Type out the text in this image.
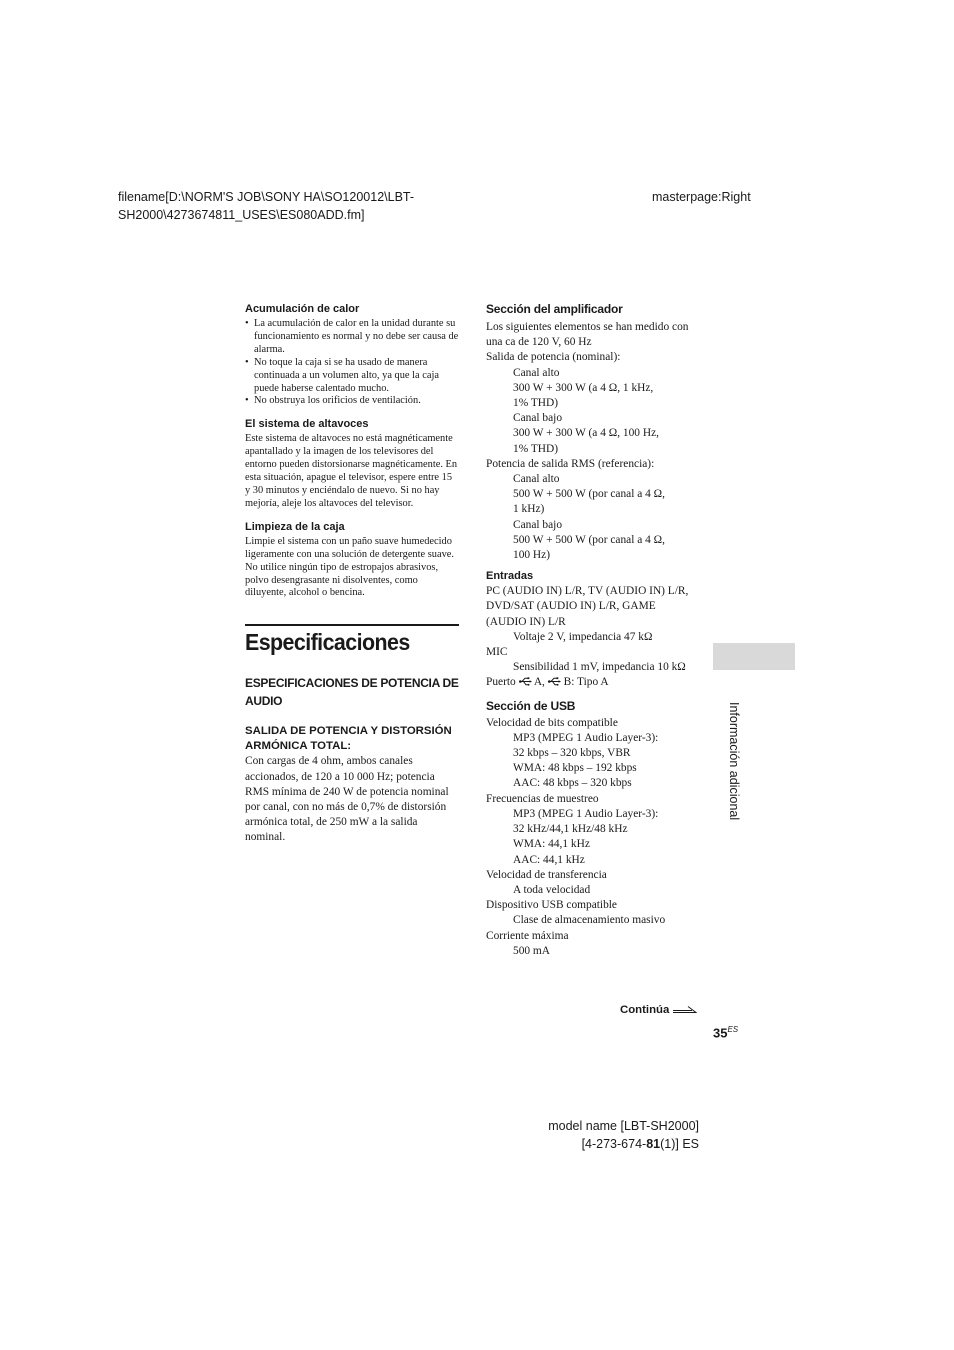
filename[D:\NORM'S JOB\SONY HA\SO120012\LBT-
SH2000\4273674811_USES\ES080ADD.fm]
masterpage:Right
Acumulación de calor
• La acumulación de calor en la unidad durante su funcionamiento es normal y no debe ser causa de alarma.
• No toque la caja si se ha usado de manera continuada a un volumen alto, ya que la caja puede haberse calentado mucho.
• No obstruya los orificios de ventilación.
El sistema de altavoces

Este sistema de altavoces no está magnéticamente apantallado y la imagen de los televisores del entorno pueden distorsionarse magnéticamente. En esta situación, apague el televisor, espere entre 15 y 30 minutos y enciéndalo de nuevo. Si no hay mejoría, aleje los altavoces del televisor.

Limpieza de la caja

Limpie el sistema con un paño suave humedecido ligeramente con una solución de detergente suave.

No utilice ningún tipo de estropajos abrasivos, polvo desengrasante ni disolventes, como diluyente, alcohol o bencina.

Especificaciones
ESPECIFICACIONES DE POTENCIA DE AUDIO
SALIDA DE POTENCIA Y DISTORSIÓN ARMÓNICA TOTAL:

Con cargas de 4 ohm, ambos canales accionados, de 120 a 10 000 Hz; potencia RMS mínima de 240 W de potencia nominal por canal, con no más de 0,7% de distorsión armónica total, de 250 mW a la salida nominal.

Sección del amplificador
Los siguientes elementos se han medido con una ca de 120 V, 60 Hz
Salida de potencia (nominal):
Canal alto
300 W + 300 W (a 4 Ω, 1 kHz,
1% THD)
Canal bajo
300 W + 300 W (a 4 Ω, 100 Hz,
1% THD)
Potencia de salida RMS (referencia):
Canal alto
500 W + 500 W (por canal a 4 Ω,
1 kHz)
Canal bajo
500 W + 500 W (por canal a 4 Ω,
100 Hz)
Entradas
PC (AUDIO IN) L/R, TV (AUDIO IN) L/R,
DVD/SAT (AUDIO IN) L/R, GAME
(AUDIO IN) L/R
Voltaje 2 V, impedancia 47 kΩ
MIC
Sensibilidad 1 mV, impedancia 10 kΩ
Puerto A, B: Tipo A
Sección de USB
Velocidad de bits compatible
MP3 (MPEG 1 Audio Layer-3):
32 kbps – 320 kbps, VBR
WMA: 48 kbps – 192 kbps
AAC: 48 kbps – 320 kbps
Frecuencias de muestreo
MP3 (MPEG 1 Audio Layer-3):
32 kHz/44,1 kHz/48 kHz
WMA: 44,1 kHz
AAC: 44,1 kHz
Velocidad de transferencia
A toda velocidad
Dispositivo USB compatible
Clase de almacenamiento masivo
Corriente máxima
500 mA
Información adicional
Continúa
$35^{ES}$
model name [LBT-SH2000]
[4-273-674-81(1)] ES
